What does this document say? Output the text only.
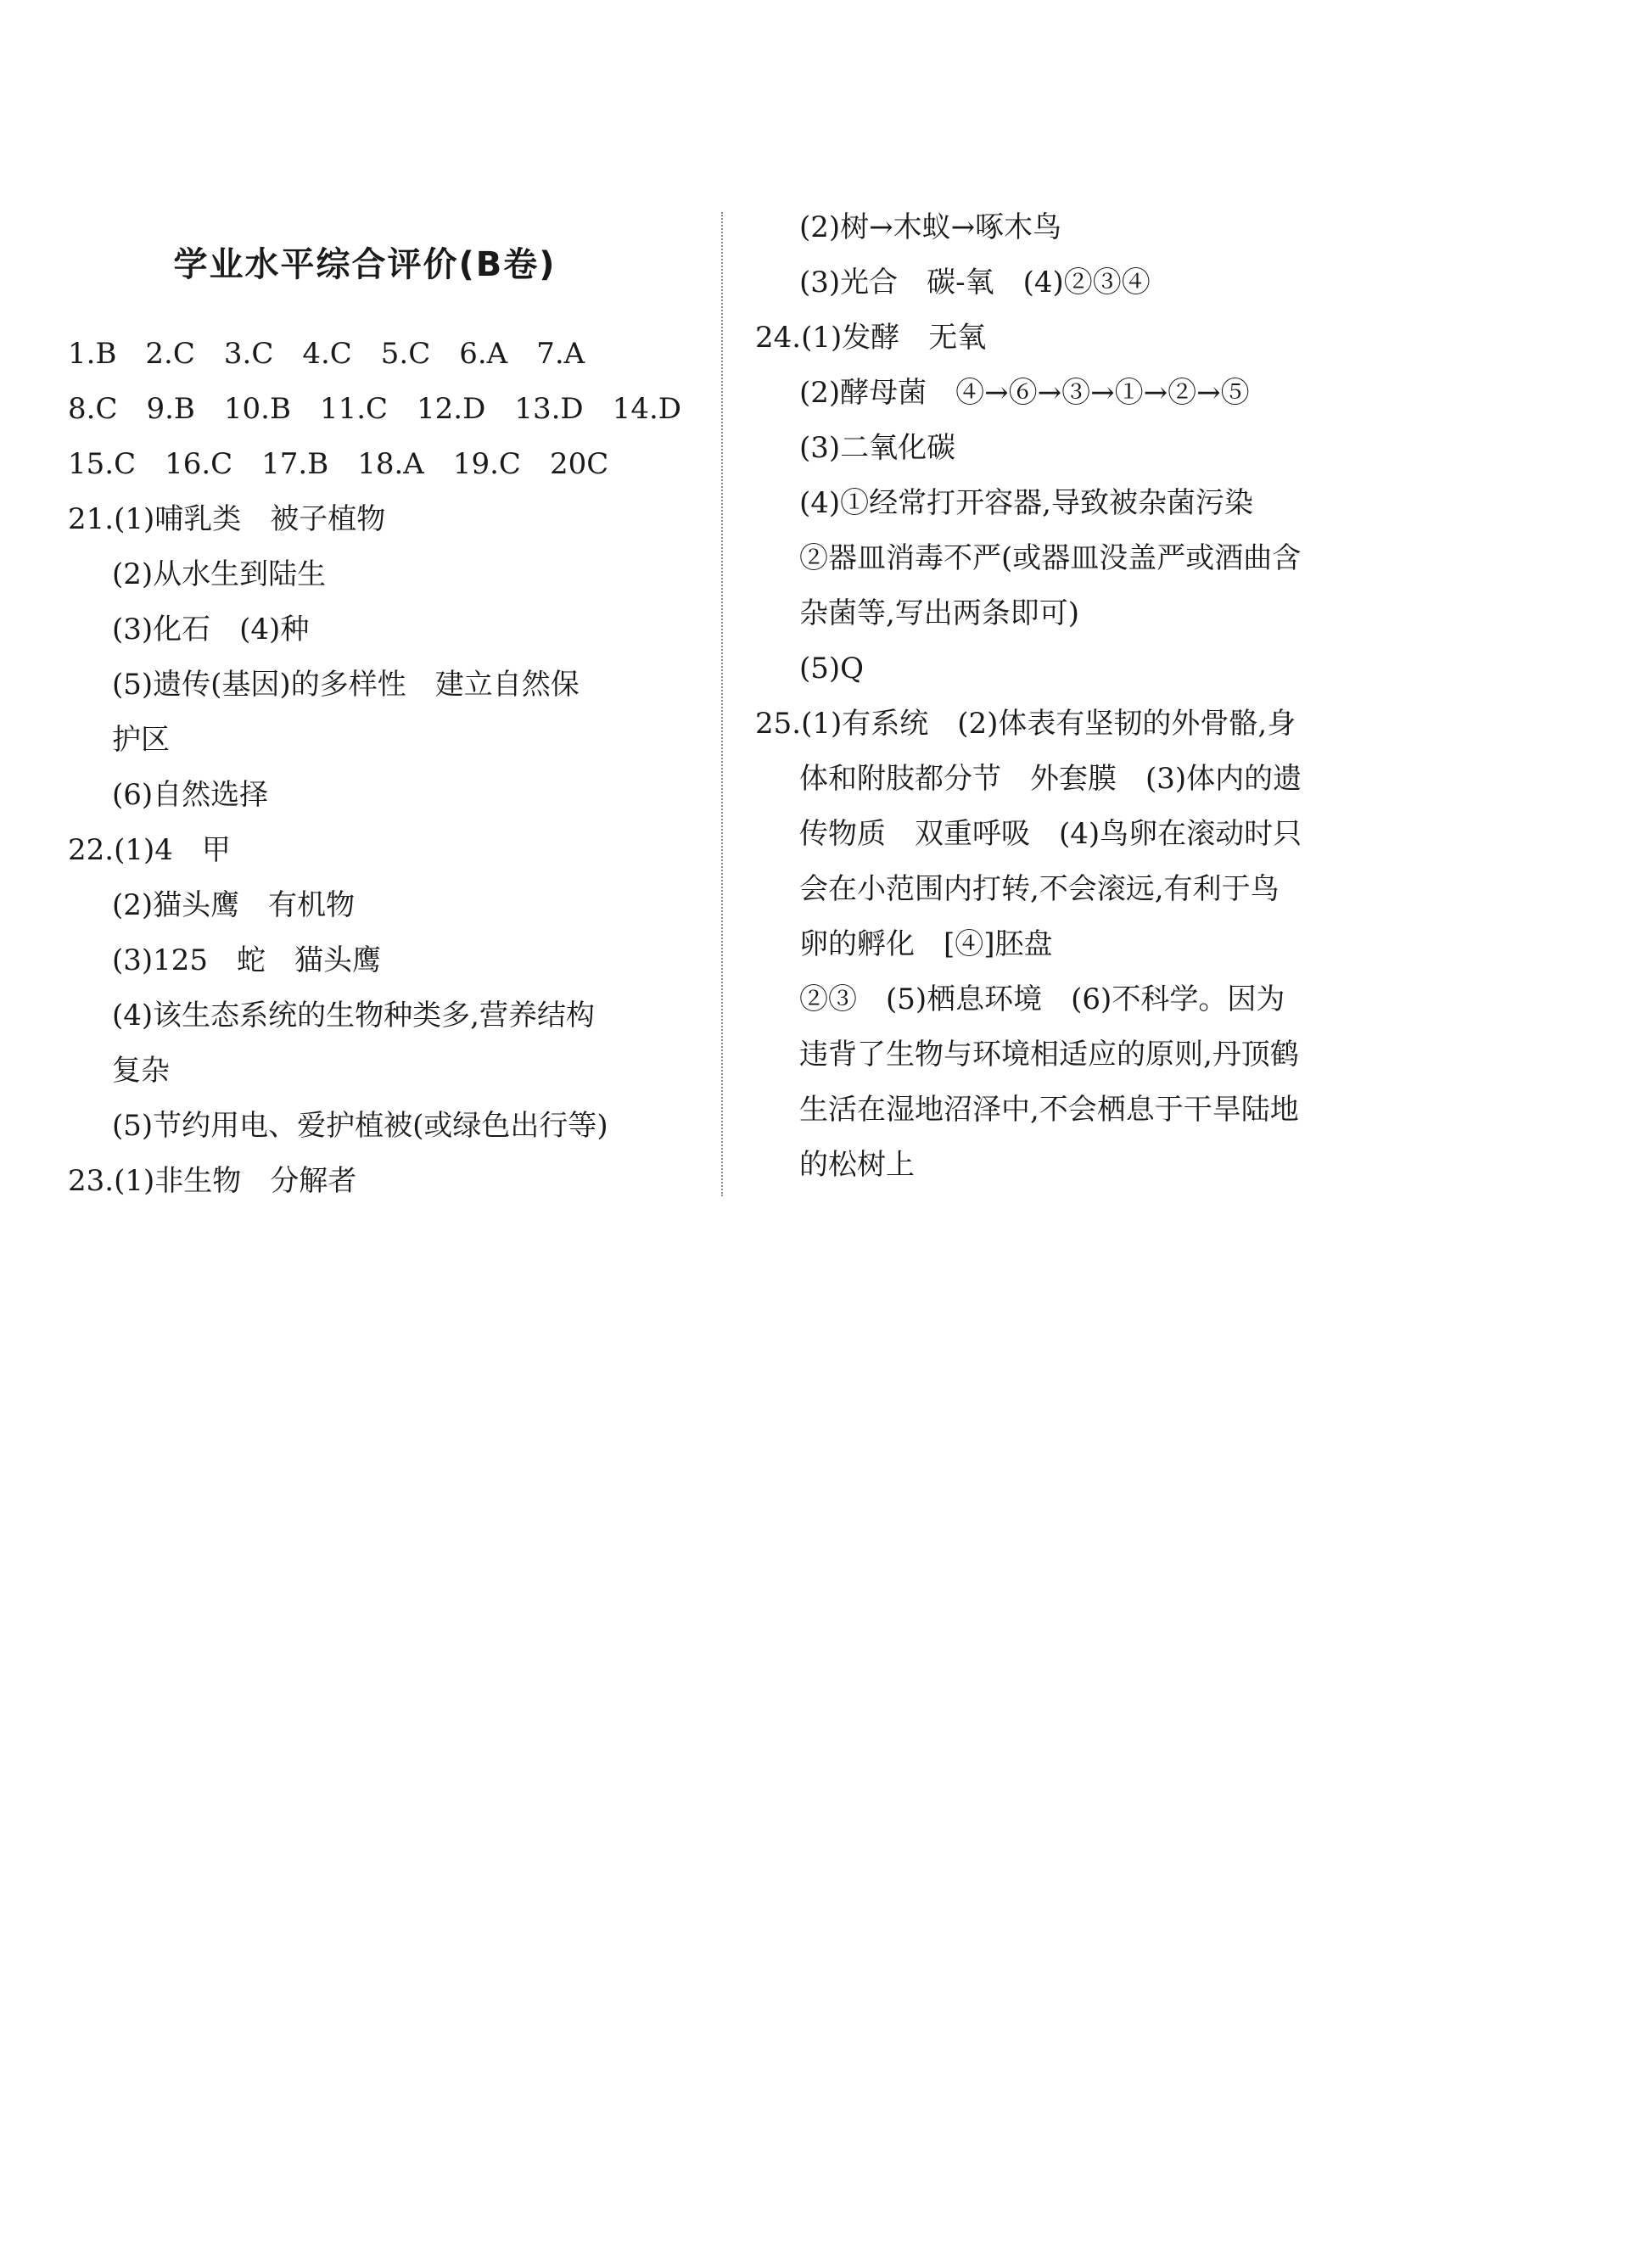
学业水平综合评价(B卷)
1.B　2.C　3.C　4.C　5.C　6.A　7.A
8.C　9.B　10.B　11.C　12.D　13.D　14.D
15.C　16.C　17.B　18.A　19.C　20C
21.(1)哺乳类　被子植物
(2)从水生到陆生
(3)化石　(4)种
(5)遗传(基因)的多样性　建立自然保
护区
(6)自然选择
22.(1)4　甲
(2)猫头鹰　有机物
(3)125　蛇　猫头鹰
(4)该生态系统的生物种类多,营养结构
复杂
(5)节约用电、爱护植被(或绿色出行等)
23.(1)非生物　分解者
(2)树→木蚁→啄木鸟
(3)光合　碳-氧　(4)②③④
24.(1)发酵　无氧
(2)酵母菌　④→⑥→③→①→②→⑤
(3)二氧化碳
(4)①经常打开容器,导致被杂菌污染
②器皿消毒不严(或器皿没盖严或酒曲含
杂菌等,写出两条即可)
(5)Q
25.(1)有系统　(2)体表有坚韧的外骨骼,身
体和附肢都分节　外套膜　(3)体内的遗
传物质　双重呼吸　(4)鸟卵在滚动时只
会在小范围内打转,不会滚远,有利于鸟
卵的孵化　[④]胚盘
②③　(5)栖息环境　(6)不科学。因为
违背了生物与环境相适应的原则,丹顶鹤
生活在湿地沼泽中,不会栖息于干旱陆地
的松树上
